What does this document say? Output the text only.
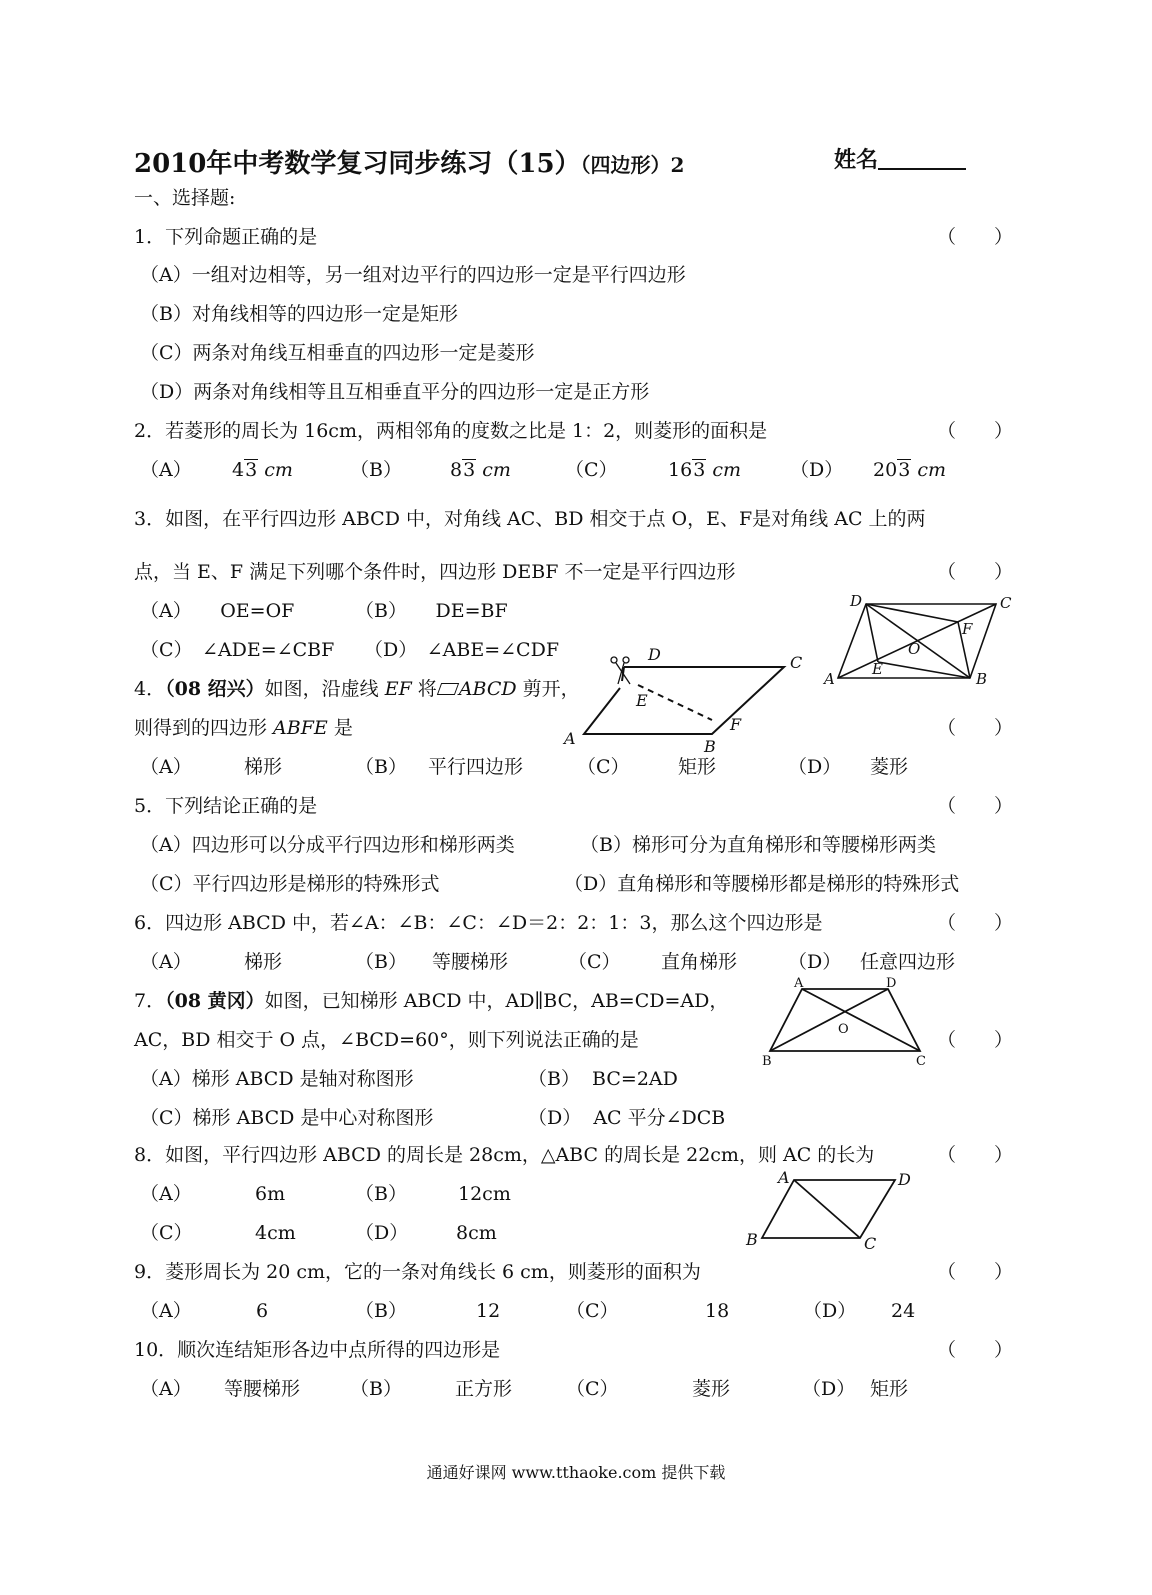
2010年中考数学复习同步练习（15）（四边形）2	姓名
一、选择题:
1．下列命题正确的是	（　　）
（A）一组对边相等，另一组对边平行的四边形一定是平行四边形
（B）对角线相等的四边形一定是矩形
（C）两条对角线互相垂直的四边形一定是菱形
（D）两条对角线相等且互相垂直平分的四边形一定是正方形
2．若菱形的周长为 16cm，两相邻角的度数之比是 1：2，则菱形的面积是	（　　）
（A） 43 cm	（B）	83 cm	（C）	163 cm	（D） 203 cm
3．如图，在平行四边形 ABCD 中，对角线 AC、BD 相交于点 O，E、F是对角线 AC 上的两
点，当 E、F 满足下列哪个条件时，四边形 DEBF 不一定是平行四边形	（　　）
（A）　　OE=OF	（B）　　DE=BF
（C）　∠ADE=∠CBF （D）　∠ABE=∠CDF
D	C
A	B
E
F
O
4．（08 绍兴）如图，沿虚线 EF 将 ABCD 剪开，
则得到的四边形 ABFE 是	（　　）
（A）	梯形	（B） 平行四边形	（C）	矩形	（D） 菱形
D	C
A	B
E
F
5．下列结论正确的是	（　　）
（A）四边形可以分成平行四边形和梯形两类	（B）梯形可分为直角梯形和等腰梯形两类
（C）平行四边形是梯形的特殊形式	（D）直角梯形和等腰梯形都是梯形的特殊形式
6．四边形 ABCD 中，若∠A：∠B：∠C：∠D＝2：2：1：3，那么这个四边形是	（　　）
（A）	梯形	（B） 等腰梯形	（C） 直角梯形	（D） 任意四边形
7．（08 黄冈）如图，已知梯形 ABCD 中，AD∥BC，AB=CD=AD，
AC，BD 相交于 O 点，∠BCD=60°，则下列说法正确的是	（　　）
（A）梯形 ABCD 是轴对称图形	（B）  BC=2AD
（C）梯形 ABCD 是中心对称图形	（D）  AC 平分∠DCB
A	D
B	C
O
8．如图，平行四边形 ABCD 的周长是 28cm，△ABC 的周长是 22cm，则 AC 的长为	（　　）
（A）	6m	（B）	12cm
（C）	4cm	（D）	8cm
A	D
B	C
9．菱形周长为 20 cm，它的一条对角线长 6 cm，则菱形的面积为	（　　）
（A）	6	（B）	12	（C）	18	（D） 24
10．顺次连结矩形各边中点所得的四边形是	（　　）
（A） 等腰梯形	（B）	正方形	（C）	菱形	（D） 矩形
通通好课网 www.tthaoke.com 提供下载
